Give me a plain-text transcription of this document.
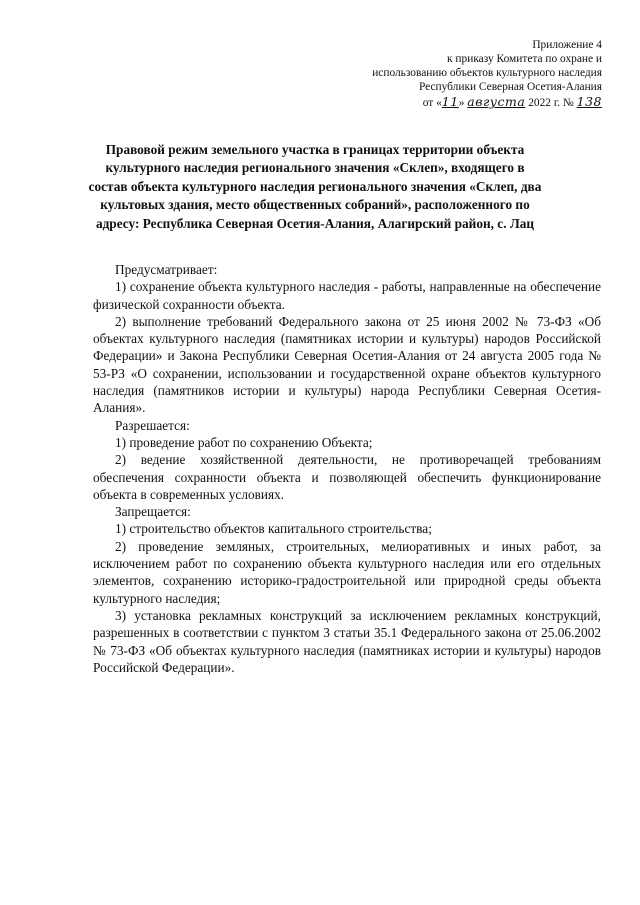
Приложение 4
к приказу Комитета по охране и
использованию объектов культурного наследия
Республики Северная Осетия-Алания
от «11» августа 2022 г. № 138
Правовой режим земельного участка в границах территории объекта
культурного наследия регионального значения «Склеп», входящего в
состав объекта культурного наследия регионального значения «Склеп, два
культовых здания, место общественных собраний», расположенного по
адресу: Республика Северная Осетия-Алания, Алагирский район, с. Лац

Предусматривает:

1) сохранение объекта культурного наследия - работы, направленные на обеспечение физической сохранности объекта.

2) выполнение требований Федерального закона от 25 июня 2002 № 73-ФЗ «Об объектах культурного наследия (памятниках истории и культуры) народов Российской Федерации» и Закона Республики Северная Осетия-Алания от 24 августа 2005 года № 53-РЗ «О сохранении, использовании и государственной охране объектов культурного наследия (памятников истории и культуры) народа Республики Северная Осетия-Алания».

Разрешается:

1) проведение работ по сохранению Объекта;

2) ведение хозяйственной деятельности, не противоречащей требованиям обеспечения сохранности объекта и позволяющей обеспечить функционирование объекта в современных условиях.

Запрещается:

1) строительство объектов капитального строительства;

2) проведение земляных, строительных, мелиоративных и иных работ, за исключением работ по сохранению объекта культурного наследия или его отдельных элементов, сохранению историко-градостроительной или природной среды объекта культурного наследия;

3) установка рекламных конструкций за исключением рекламных конструкций, разрешенных в соответствии с пунктом 3 статьи 35.1 Федерального закона от 25.06.2002 № 73-ФЗ «Об объектах культурного наследия (памятниках истории и культуры) народов Российской Федерации».
